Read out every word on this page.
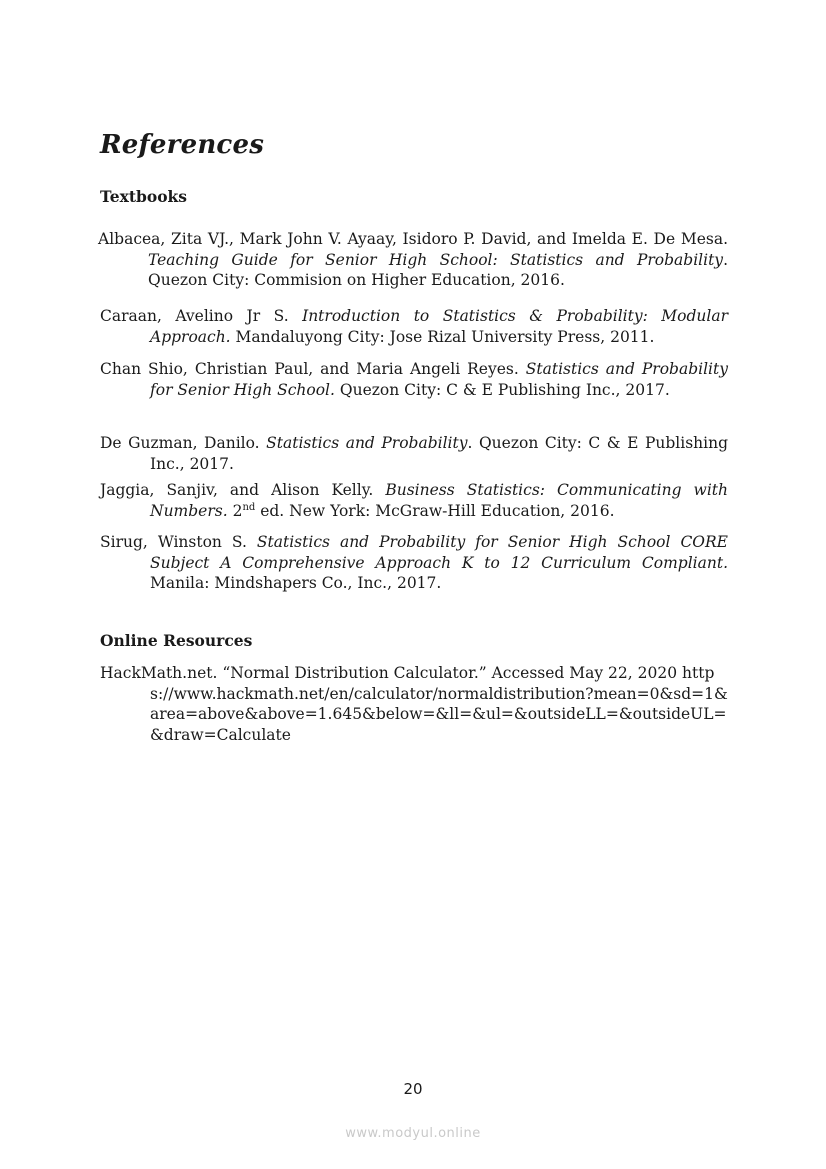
References
Textbooks

Albacea, Zita VJ., Mark John V. Ayaay, Isidoro P. David, and Imelda E. De Mesa. Teaching Guide for Senior High School: Statistics and Probability. Quezon City: Commision on Higher Education, 2016.

Caraan, Avelino Jr S. Introduction to Statistics & Probability: Modular Approach. Mandaluyong City: Jose Rizal University Press, 2011.

Chan Shio, Christian Paul, and Maria Angeli Reyes. Statistics and Probability for Senior High School. Quezon City: C & E Publishing Inc., 2017.

De Guzman, Danilo. Statistics and Probability. Quezon City: C & E Publishing Inc., 2017.

Jaggia, Sanjiv, and Alison Kelly. Business Statistics: Communicating with Numbers. 2nd ed. New York: McGraw-Hill Education, 2016.

Sirug, Winston S. Statistics and Probability for Senior High School CORE Subject A Comprehensive Approach K to 12 Curriculum Compliant. Manila: Mindshapers Co., Inc., 2017.

Online Resources

HackMath.net. “Normal Distribution Calculator.” Accessed May 22, 2020 https://www.hackmath.net/en/calculator/normaldistribution?mean=0&sd=1&area=above&above=1.645&below=&ll=&ul=&outsideLL=&outsideUL=&draw=Calculate

20

www.modyul.online
